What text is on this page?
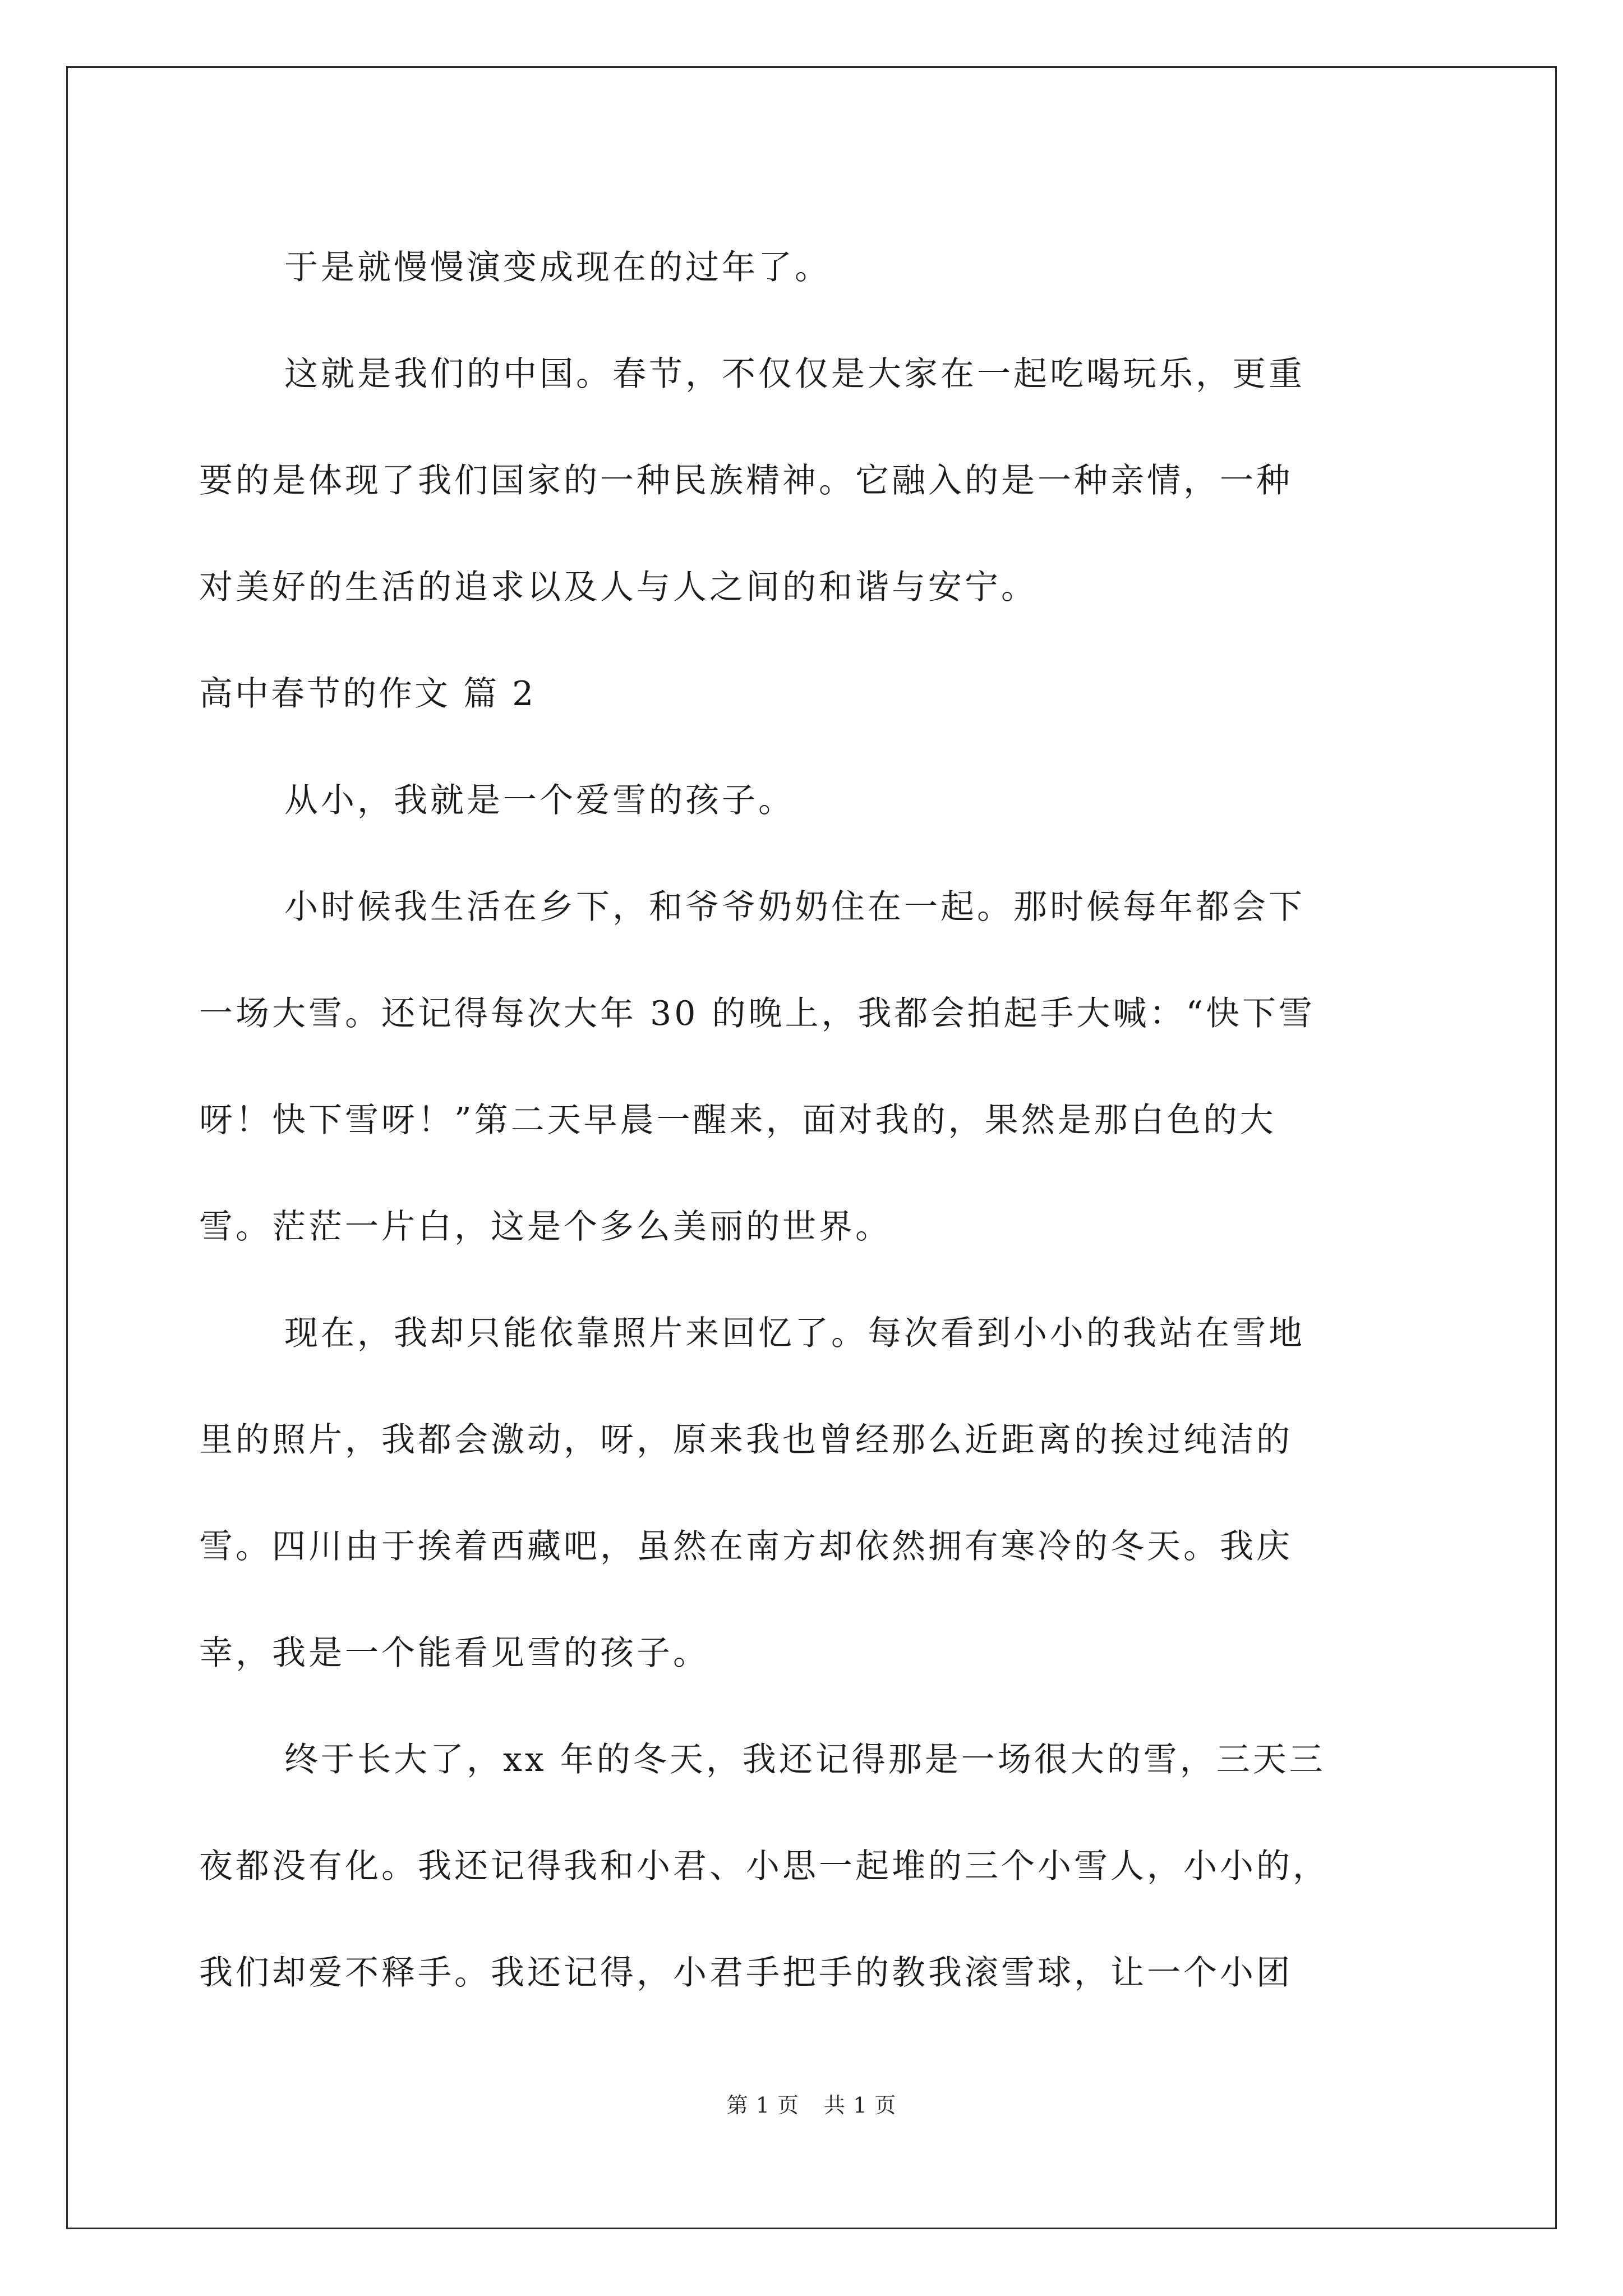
于是就慢慢演变成现在的过年了。

这就是我们的中国。春节，不仅仅是大家在一起吃喝玩乐，更重

要的是体现了我们国家的一种民族精神。它融入的是一种亲情，一种

对美好的生活的追求以及人与人之间的和谐与安宁。

高中春节的作文 篇 2

从小，我就是一个爱雪的孩子。

小时候我生活在乡下，和爷爷奶奶住在一起。那时候每年都会下

一场大雪。还记得每次大年 30 的晚上，我都会拍起手大喊：“快下雪

呀！快下雪呀！”第二天早晨一醒来，面对我的，果然是那白色的大

雪。茫茫一片白，这是个多么美丽的世界。

现在，我却只能依靠照片来回忆了。每次看到小小的我站在雪地

里的照片，我都会激动，呀，原来我也曾经那么近距离的挨过纯洁的

雪。四川由于挨着西藏吧，虽然在南方却依然拥有寒冷的冬天。我庆

幸，我是一个能看见雪的孩子。

终于长大了，xx 年的冬天，我还记得那是一场很大的雪，三天三

夜都没有化。我还记得我和小君、小思一起堆的三个小雪人，小小的，

我们却爱不释手。我还记得，小君手把手的教我滚雪球，让一个小团

第 1 页 共 1 页
